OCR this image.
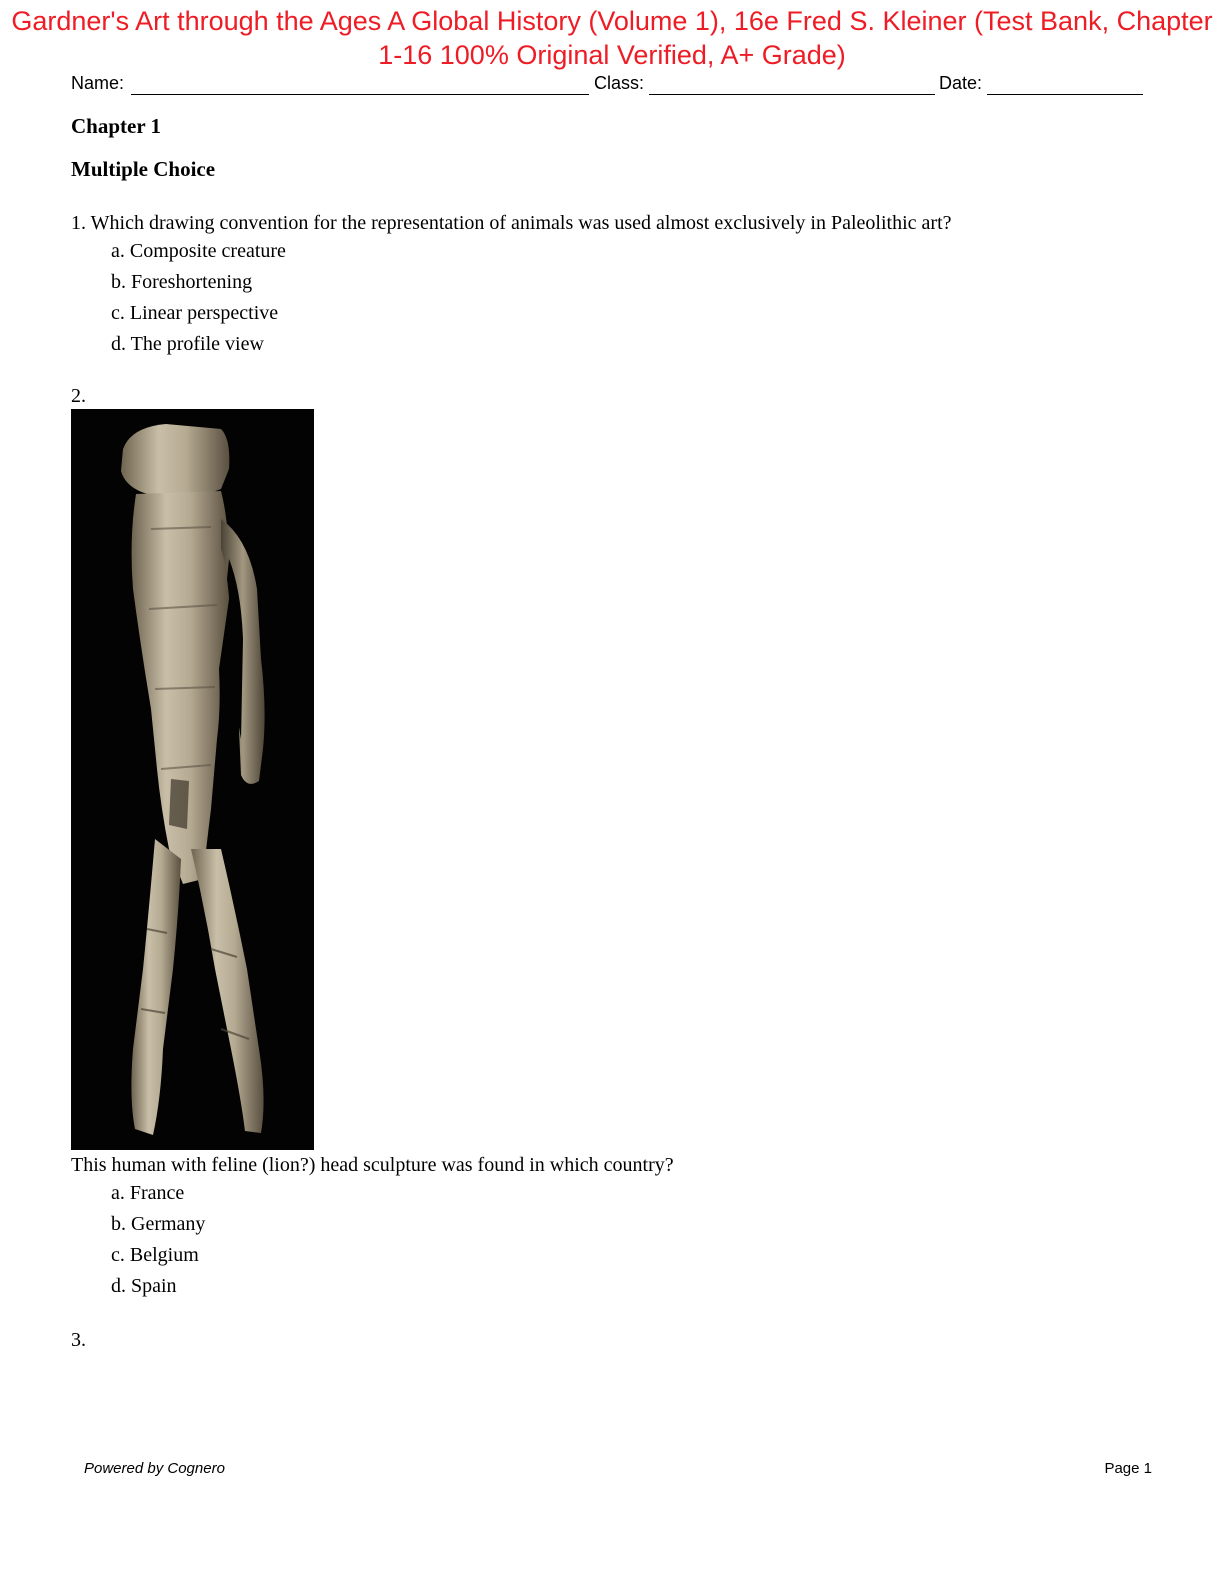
Gardner's Art through the Ages A Global History (Volume 1), 16e Fred S. Kleiner (Test Bank, Chapter 1-16 100% Original Verified, A+ Grade)
Name:	Class:	Date:
Chapter 1
Multiple Choice

1. Which drawing convention for the representation of animals was used almost exclusively in Paleolithic art?

a. Composite creature
b. Foreshortening
c. Linear perspective
d. The profile view

2.

This human with feline (lion?) head sculpture was found in which country?

a. France
b. Germany
c. Belgium
d. Spain

3.

Powered by Cognero	Page 1
